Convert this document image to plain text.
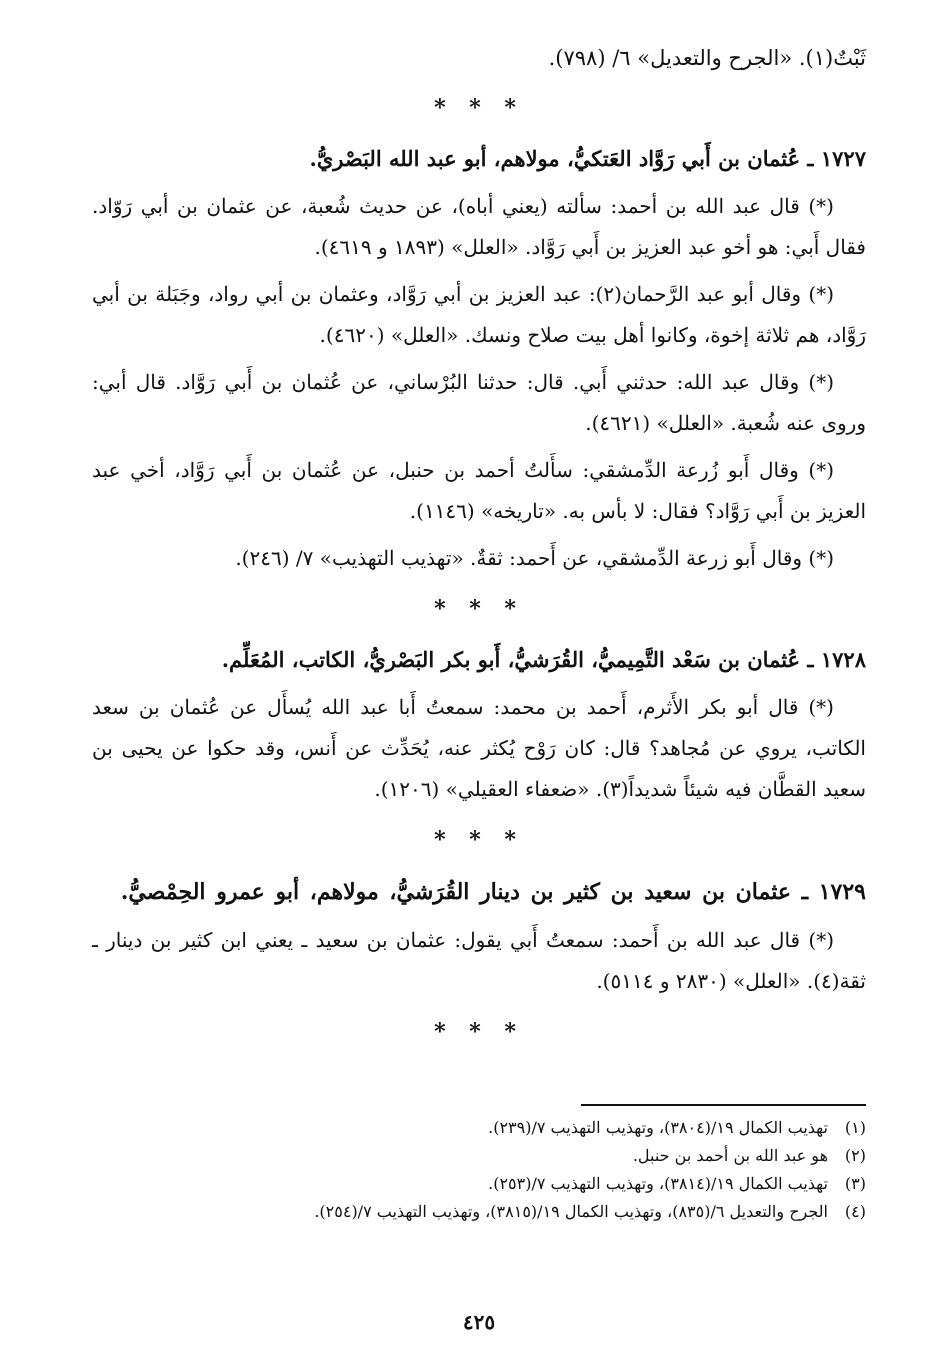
ثَبْتٌ(١). «الجرح والتعديل» ٦/ (٧٩٨).
* * *

١٧٢٧ ـ عُثمان بن أَبي رَوَّاد العَتكيُّ، مولاهم، أبو عبد الله البَصْريُّ.

(*) قال عبد الله بن أحمد: سألته (يعني أباه)، عن حديث شُعبة، عن عثمان بن أبي رَوّاد. فقال أَبي: هو أخو عبد العزيز بن أَبي رَوَّاد. «العلل» (١٨٩٣ و ٤٦١٩).

(*) وقال أبو عبد الرَّحمان(٢): عبد العزيز بن أبي رَوَّاد، وعثمان بن أبي رواد، وجَبَلة بن أبي رَوَّاد، هم ثلاثة إخوة، وكانوا أهل بيت صلاح ونسك. «العلل» (٤٦٢٠).

(*) وقال عبد الله: حدثني أَبي. قال: حدثنا البُرْساني، عن عُثمان بن أَبي رَوَّاد. قال أبي: وروى عنه شُعبة. «العلل» (٤٦٢١).

(*) وقال أَبو زُرعة الدِّمشقي: سأَلتُ أحمد بن حنبل، عن عُثمان بن أَبي رَوَّاد، أخي عبد العزيز بن أَبي رَوَّاد؟ فقال: لا بأس به. «تاريخه» (١١٤٦).

(*) وقال أَبو زرعة الدِّمشقي، عن أَحمد: ثقةٌ. «تهذيب التهذيب» ٧/ (٢٤٦).

* * *

١٧٢٨ ـ عُثمان بن سَعْد التَّمِيميُّ، القُرَشيُّ، أَبو بكر البَصْريُّ، الكاتب، المُعَلِّم.

(*) قال أبو بكر الأَثرم، أَحمد بن محمد: سمعتُ أَبا عبد الله يُسأَل عن عُثمان بن سعد الكاتب، يروي عن مُجاهد؟ قال: كان رَوْح يُكثر عنه، يُحَدِّث عن أَنس، وقد حكوا عن يحيى بن سعيد القطَّان فيه شيئاً شديداً(٣). «ضعفاء العقيلي» (١٢٠٦).

* * *

١٧٢٩ ـ عثمان بن سعيد بن كثير بن دينار القُرَشيُّ، مولاهم، أبو عمرو الحِمْصيُّ.

(*) قال عبد الله بن أَحمد: سمعتُ أَبي يقول: عثمان بن سعيد ـ يعني ابن كثير بن دينار ـ ثقة(٤). «العلل» (٢٨٣٠ و ٥١١٤).

* * *
(١)تهذيب الكمال ١٩/(٣٨٠٤)، وتهذيب التهذيب ٧/(٢٣٩).
(٢)هو عبد الله بن أحمد بن حنبل.
(٣)تهذيب الكمال ١٩/(٣٨١٤)، وتهذيب التهذيب ٧/(٢٥٣).
(٤)الجرح والتعديل ٦/(٨٣٥)، وتهذيب الكمال ١٩/(٣٨١٥)، وتهذيب التهذيب ٧/(٢٥٤).
٤٢٥
